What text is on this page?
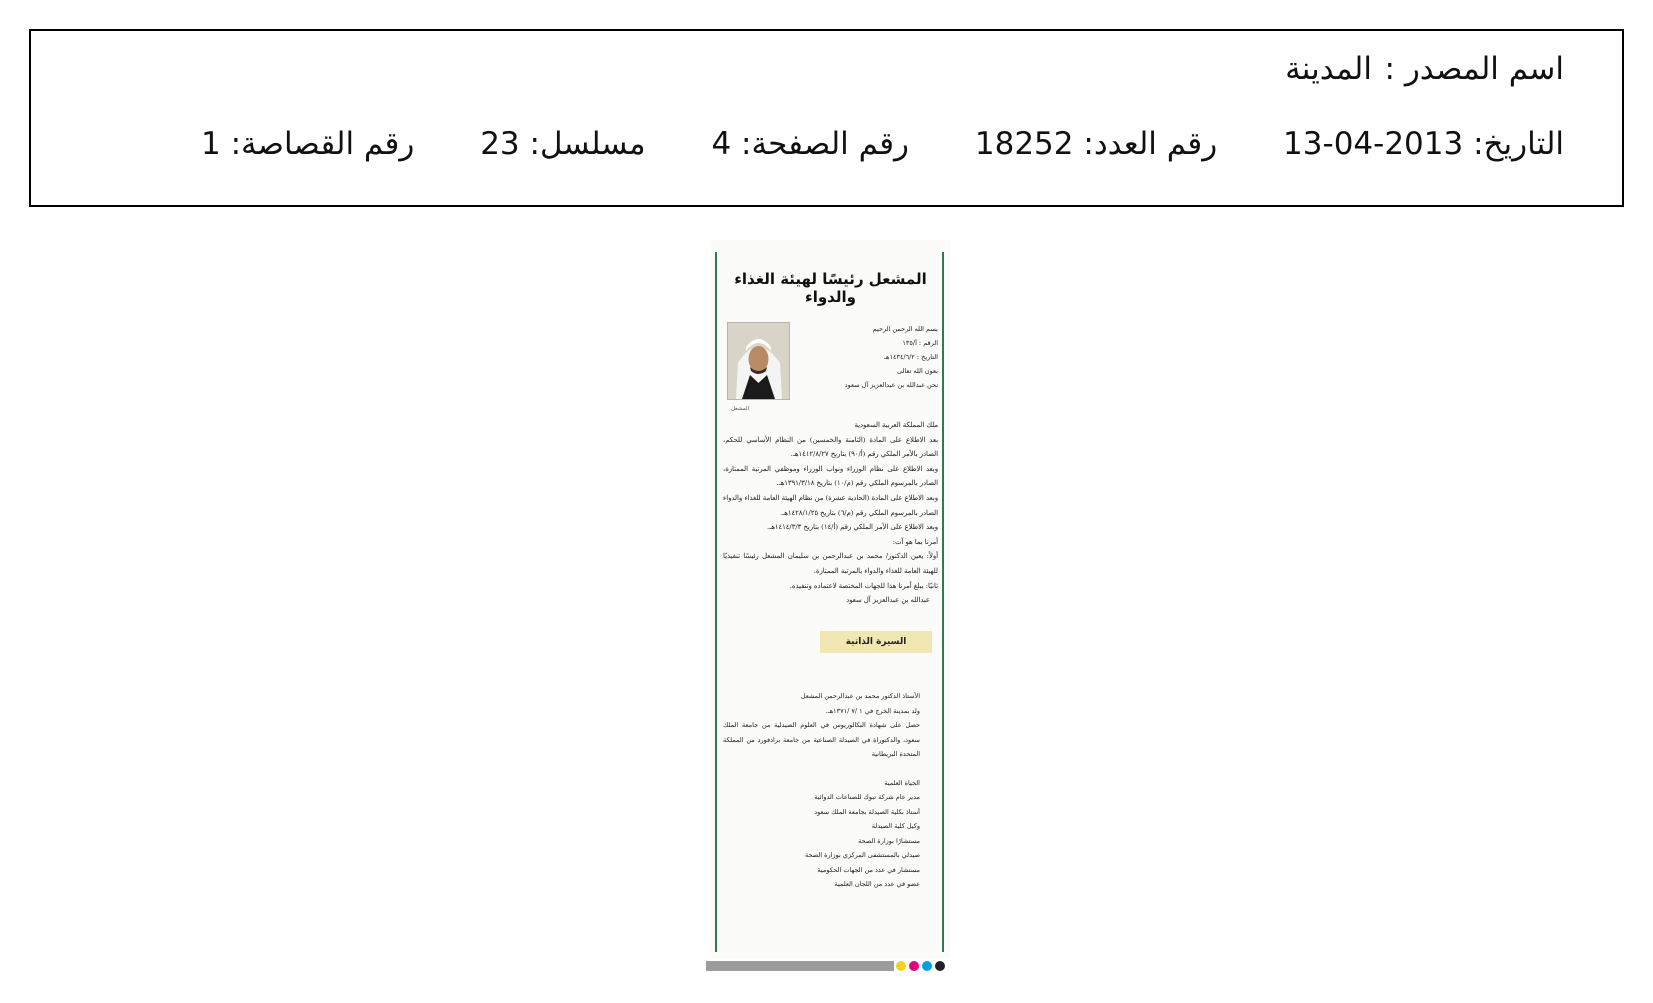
اسم المصدر :المدينة
التاريخ: 2013-04-13 رقم العدد: 18252 رقم الصفحة: 4 مسلسل: 23 رقم القصاصة: 1
المشعل رئيسًا لهيئة الغذاء والدواء
بسم الله الرحمن الرحيم
الرقم : أ/١٣٥
التاريخ : ١٤٣٤/٦/٢هـ
بعون الله تعالى
نحن عبدالله بن عبدالعزيز آل سعود
المشعل

ملك المملكة العربية السعودية

بعد الاطلاع على المادة (الثامنة والخمسين) من النظام الأساسي للحكم، الصادر بالأمر الملكي رقم (أ/٩٠) بتاريخ ١٤١٢/٨/٢٧هـ.

وبعد الاطلاع على نظام الوزراء ونواب الوزراء وموظفي المرتبة الممتازة، الصادر بالمرسوم الملكي رقم (م/١٠) بتاريخ ١٣٩١/٣/١٨هـ.

وبعد الاطلاع على المادة (الحادية عشرة) من نظام الهيئة العامة للغذاء والدواء الصادر بالمرسوم الملكي رقم (م/٦) بتاريخ ١٤٢٨/١/٢٥هـ.

وبعد الاطلاع على الأمر الملكي رقم (أ/١٤) بتاريخ ١٤١٤/٣/٣هـ.

أمرنا بما هو آت:

أولاً: يعين الدكتور/ محمد بن عبدالرحمن بن سليمان المشعل رئيسًا تنفيذيًا للهيئة العامة للغذاء والدواء بالمرتبة الممتازة.

ثانيًا: يبلغ أمرنا هذا للجهات المختصة لاعتماده وتنفيذه.

عبدالله بن عبدالعزيز آل سعود
السيرة الذاتية

الأستاذ الدكتور محمد بن عبدالرحمن المشعل

ولد بمدينة الخرج في ١ /٧ /١٣٧١هـ.

حصل على شهادة البكالوريوس في العلوم الصيدلية من جامعة الملك سعود، والدكتوراة في الصيدلة الصناعية من جامعة برادفورد من المملكة المتحدة البريطانية

الحياة العلمية

مدير عام شركة تبوك للصناعات الدوائية

أستاذ بكلية الصيدلة بجامعة الملك سعود

وكيل كلية الصيدلة

مستشارًا بوزارة الصحة

صيدلي بالمستشفى المركزي بوزارة الصحة

مستشار في عدد من الجهات الحكومية

عضو في عدد من اللجان العلمية
